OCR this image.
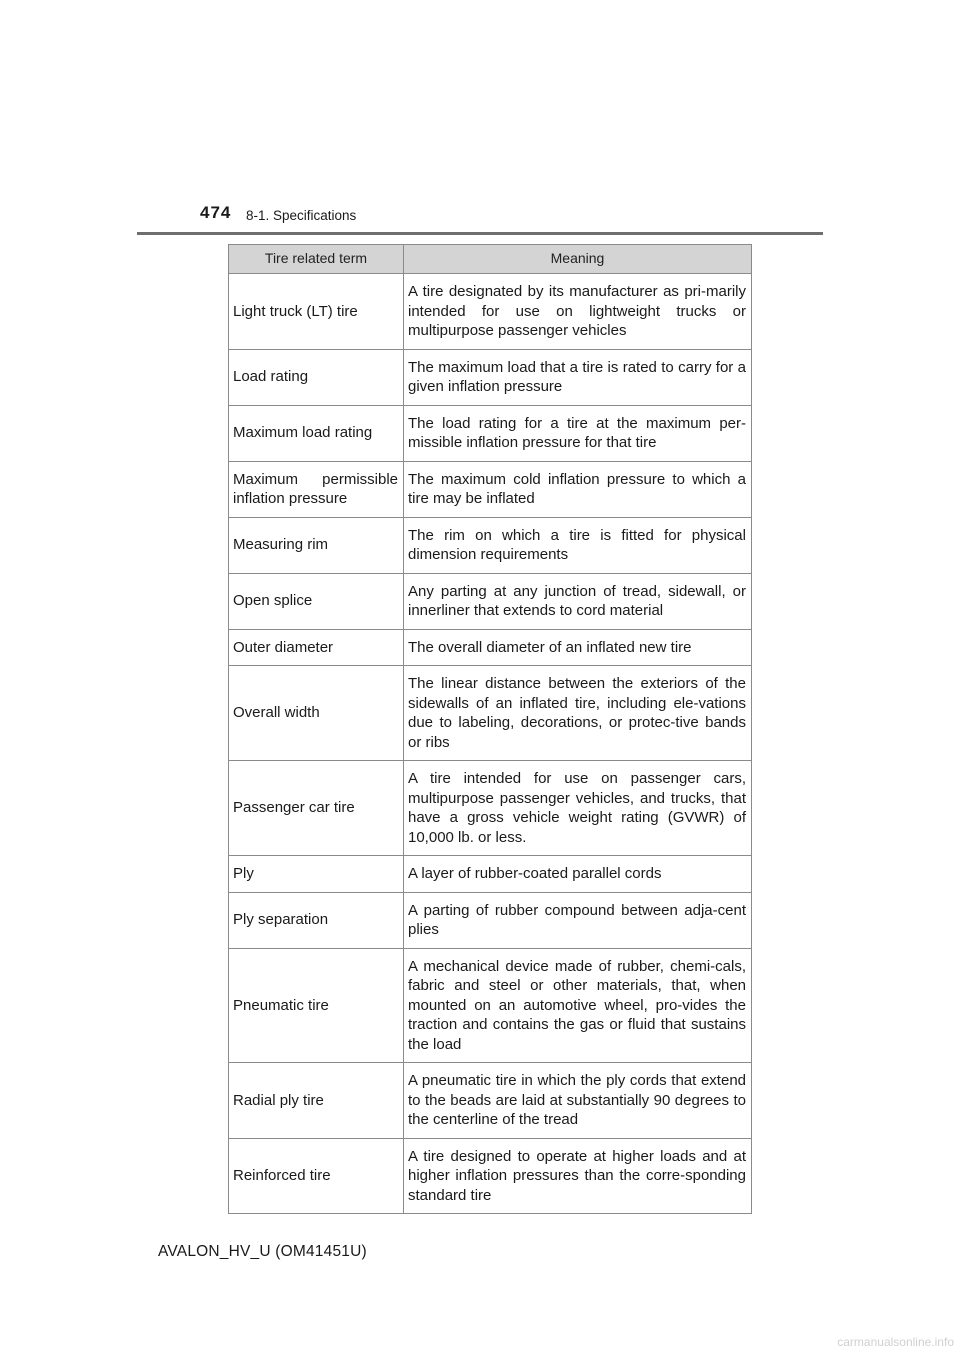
474 8-1. Specifications
Tire related term	Meaning
Light truck (LT) tire	A tire designated by its manufacturer as pri-marily intended for use on lightweight trucks or multipurpose passenger vehicles
Load rating	The maximum load that a tire is rated to carry for a given inflation pressure
Maximum load rating	The load rating for a tire at the maximum per-missible inflation pressure for that tire
Maximum permissible inflation pressure	The maximum cold inflation pressure to which a tire may be inflated
Measuring rim	The rim on which a tire is fitted for physical dimension requirements
Open splice	Any parting at any junction of tread, sidewall, or innerliner that extends to cord material
Outer diameter	The overall diameter of an inflated new tire
Overall width	The linear distance between the exteriors of the sidewalls of an inflated tire, including ele-vations due to labeling, decorations, or protec-tive bands or ribs
Passenger car tire	A tire intended for use on passenger cars, multipurpose passenger vehicles, and trucks, that have a gross vehicle weight rating (GVWR) of 10,000 lb. or less.
Ply	A layer of rubber-coated parallel cords
Ply separation	A parting of rubber compound between adja-cent plies
Pneumatic tire	A mechanical device made of rubber, chemi-cals, fabric and steel or other materials, that, when mounted on an automotive wheel, pro-vides the traction and contains the gas or fluid that sustains the load
Radial ply tire	A pneumatic tire in which the ply cords that extend to the beads are laid at substantially 90 degrees to the centerline of the tread
Reinforced tire	A tire designed to operate at higher loads and at higher inflation pressures than the corre-sponding standard tire
AVALON_HV_U (OM41451U)
carmanualsonline.info
